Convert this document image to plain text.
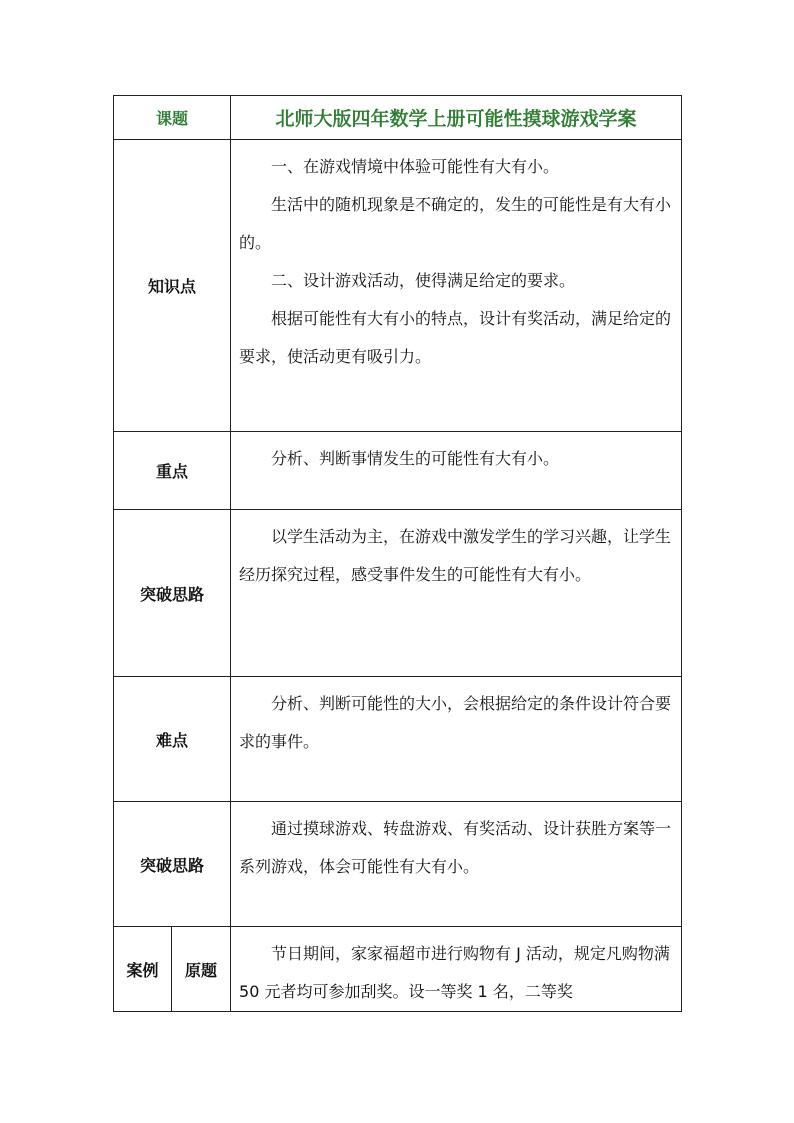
课题		北师大版四年数学上册可能性摸球游戏学案
知识点		一、在游戏情境中体验可能性有大有小。

生活中的随机现象是不确定的，发生的可能性是有大有小的。

二、设计游戏活动，使得满足给定的要求。

根据可能性有大有小的特点，设计有奖活动，满足给定的要求，使活动更有吸引力。

重点		分析、判断事情发生的可能性有大有小。

突破思路		以学生活动为主，在游戏中激发学生的学习兴趣，让学生经历探究过程，感受事件发生的可能性有大有小。

难点		分析、判断可能性的大小，会根据给定的条件设计符合要求的事件。

突破思路		通过摸球游戏、转盘游戏、有奖活动、设计获胜方案等一系列游戏，体会可能性有大有小。

案例	原题	节日期间，家家福超市进行购物有 J 活动，规定凡购物满 50 元者均可参加刮奖。设一等奖 1 名，二等奖
